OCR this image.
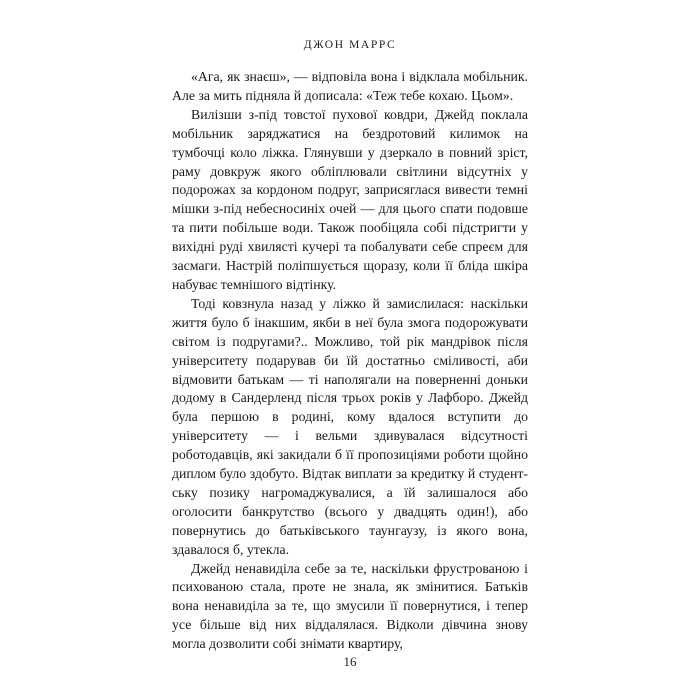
ДЖОН МАРРС

«Ага, як знаєш», — відповіла вона і відклала мобільник. Але за мить підняла й дописала: «Теж тебе кохаю. Цьом».

Вилізши з-під товстої пухової ковдри, Джейд поклала мобільник заряджатися на бездротовий килимок на тумбочці коло ліжка. Глянувши у дзеркало в повний зріст, раму довкруж якого обліплювали світлини відсутніх у подорожах за кордоном подруг, заприсяглася вивести темні мішки з-під небесносиніх очей — для цього спати подовше та пити побільше води. Також пообіцяла собі підстригти у вихідні руді хвилясті кучері та побалувати себе спреєм для засмаги. Настрій поліпшується щоразу, коли її бліда шкіра набуває темнішого відтінку.

Тоді ковзнула назад у ліжко й замислилася: наскільки життя було б інакшим, якби в неї була змога подорожувати світом із подругами?.. Можливо, той рік мандрівок після університету подарував би їй достатньо сміливості, аби відмовити батькам — ті наполягали на поверненні доньки додому в Сандерленд після трьох років у Лафборо. Джейд була першою в родині, кому вдалося вступити до університету — і вельми здивувалася відсутності роботодавців, які закидали б її пропозиціями роботи щойно диплом було здобуто. Відтак виплати за кредитку й студентську позику нагромаджувалися, а їй залишалося або оголосити банкрутство (всього у двадцять один!), або повернутись до батьківського таунгаузу, із якого вона, здавалося б, утекла.

Джейд ненавиділа себе за те, наскільки фрустрованою і психованою стала, проте не знала, як змінитися. Батьків вона ненавиділа за те, що змусили її повернутися, і тепер усе більше від них віддалялася. Відколи дівчина знову могла дозволити собі знімати квартиру,

16
